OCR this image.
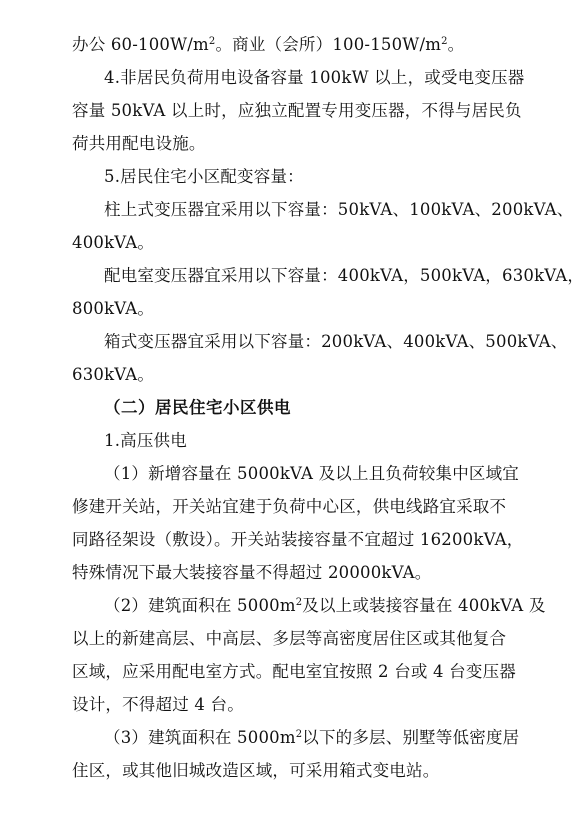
办公 $60-100W/m^2$。商业（会所）$100-150W/m^2$。
4.非居民负荷用电设备容量 100kW 以上，或受电变压器
容量 50kVA 以上时，应独立配置专用变压器，不得与居民负
荷共用配电设施。
5.居民住宅小区配变容量：
柱上式变压器宜采用以下容量：50kVA、100kVA、200kVA、
400kVA。
配电室变压器宜采用以下容量：400kVA，500kVA，630kVA，
800kVA。
箱式变压器宜采用以下容量：200kVA、400kVA、500kVA、
630kVA。
（二）居民住宅小区供电
1.高压供电
（1）新增容量在 5000kVA 及以上且负荷较集中区域宜
修建开关站，开关站宜建于负荷中心区，供电线路宜采取不
同路径架设（敷设）。开关站装接容量不宜超过 16200kVA，
特殊情况下最大装接容量不得超过 20000kVA。
（2）建筑面积在 $5000m^2$及以上或装接容量在 400kVA 及
以上的新建高层、中高层、多层等高密度居住区或其他复合
区域，应采用配电室方式。配电室宜按照 2 台或 4 台变压器
设计，不得超过 4 台。
（3）建筑面积在 $5000m^2$以下的多层、别墅等低密度居
住区，或其他旧城改造区域，可采用箱式变电站。
